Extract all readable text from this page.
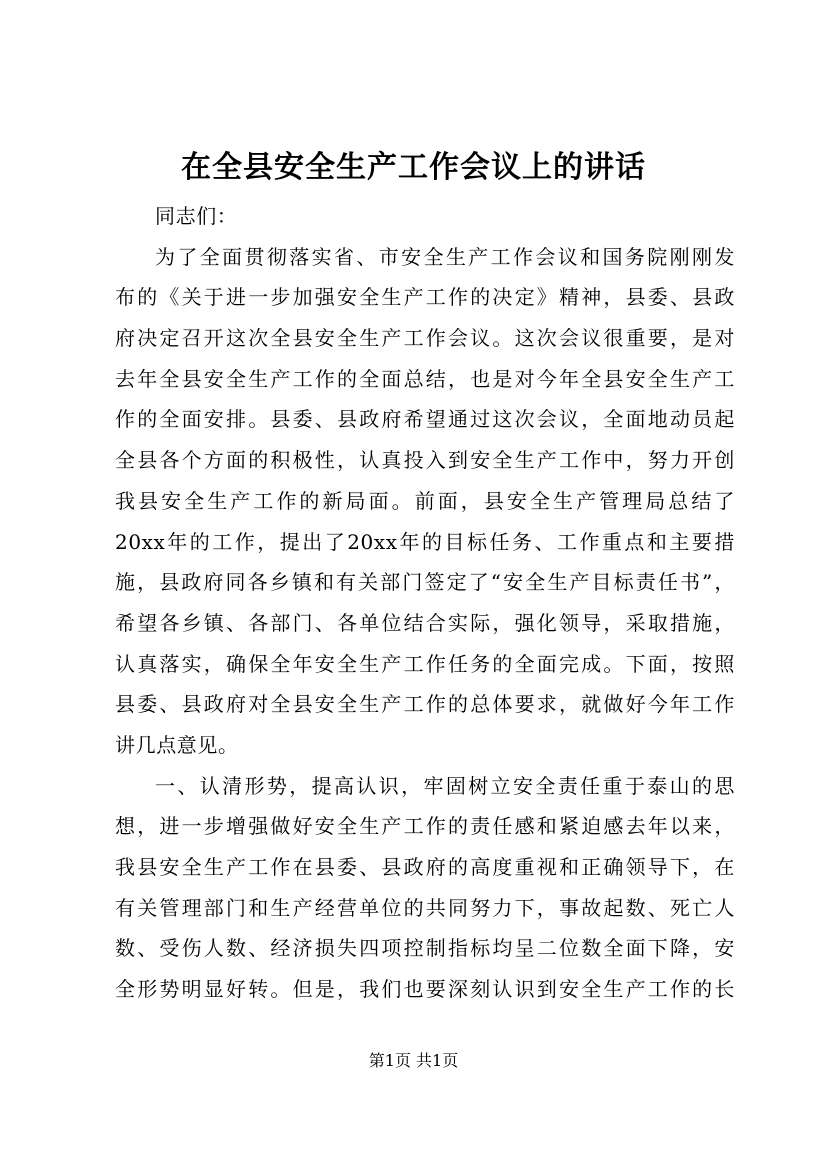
在全县安全生产工作会议上的讲话
同志们：
为了全面贯彻落实省、市安全生产工作会议和国务院刚刚发
布的《关于进一步加强安全生产工作的决定》精神，县委、县政
府决定召开这次全县安全生产工作会议。这次会议很重要，是对
去年全县安全生产工作的全面总结，也是对今年全县安全生产工
作的全面安排。县委、县政府希望通过这次会议，全面地动员起
全县各个方面的积极性，认真投入到安全生产工作中，努力开创
我县安全生产工作的新局面。前面，县安全生产管理局总结了
20xx年的工作，提出了20xx年的目标任务、工作重点和主要措
施，县政府同各乡镇和有关部门签定了“安全生产目标责任书”，
希望各乡镇、各部门、各单位结合实际，强化领导，采取措施，
认真落实，确保全年安全生产工作任务的全面完成。下面，按照
县委、县政府对全县安全生产工作的总体要求，就做好今年工作
讲几点意见。
一、认清形势，提高认识，牢固树立安全责任重于泰山的思
想，进一步增强做好安全生产工作的责任感和紧迫感去年以来，
我县安全生产工作在县委、县政府的高度重视和正确领导下，在
有关管理部门和生产经营单位的共同努力下，事故起数、死亡人
数、受伤人数、经济损失四项控制指标均呈二位数全面下降，安
全形势明显好转。但是，我们也要深刻认识到安全生产工作的长
第1页 共1页
